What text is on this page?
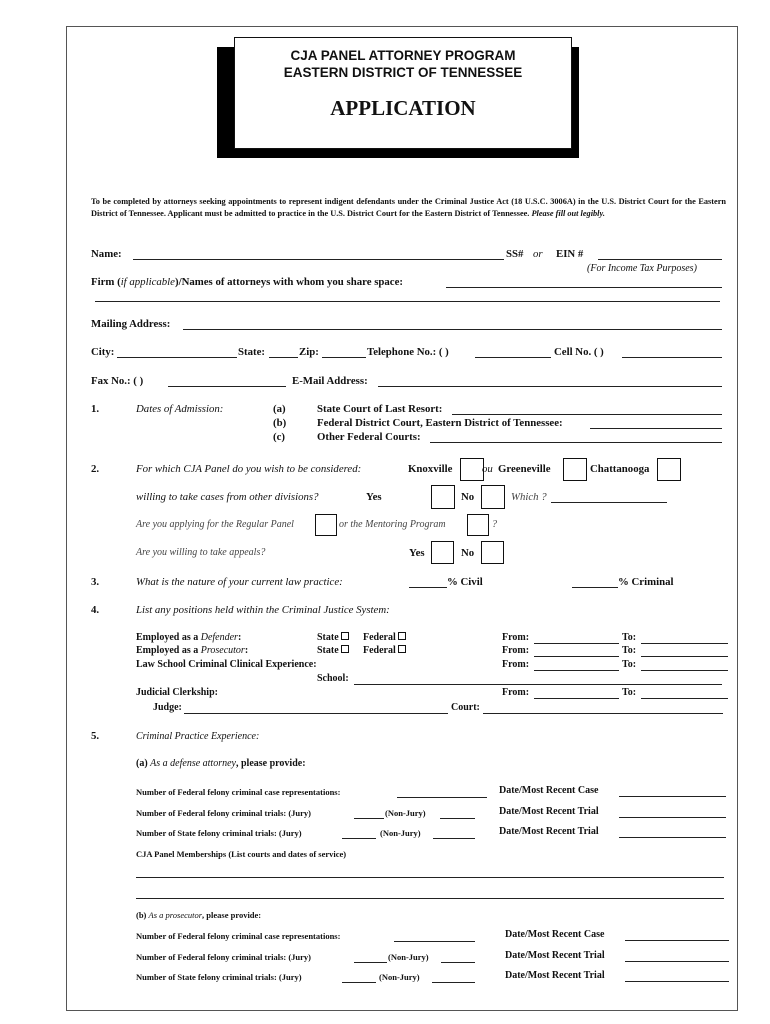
CJA PANEL ATTORNEY PROGRAM
EASTERN DISTRICT OF TENNESSEE
APPLICATION
To be completed by attorneys seeking appointments to represent indigent defendants under the Criminal Justice Act (18 U.S.C. 3006A) in the U.S. District Court for the Eastern District of Tennessee. Applicant must be admitted to practice in the U.S. District Court for the Eastern District of Tennessee. Please fill out legibly.
Name:	SS# or EIN #
(For Income Tax Purposes)
Firm (if applicable)/Names of attorneys with whom you share space:
Mailing Address:
City:	State:	Zip:	Telephone No.: ( )	Cell No. ( )
Fax No.: ( )	E-Mail Address:
1.	Dates of Admission:	(a)	State Court of Last Resort:
(b)	Federal District Court, Eastern District of Tennessee:
(c)	Other Federal Courts:
2.	For which CJA Panel do you wish to be considered:	Knoxville	ou Greeneville	Chattanooga
willing to take cases from other divisions?	Yes	No	Which ?
Are you applying for the Regular Panel	or the Mentoring Program	?
Are you willing to take appeals?	Yes	No
3.	What is the nature of your current law practice:	% Civil	% Criminal
4.	List any positions held within the Criminal Justice System:
Employed as a Defender:	State	Federal	From:	To:
Employed as a Prosecutor:	State	Federal	From:	To:
Law School Criminal Clinical Experience:	From:	To:
School:
Judicial Clerkship:	From:	To:
Judge:	Court:
5.	Criminal Practice Experience:
(a) As a defense attorney, please provide:
Number of Federal felony criminal case representations:	Date/Most Recent Case
Number of Federal felony criminal trials: (Jury)	(Non-Jury)	Date/Most Recent Trial
Number of State felony criminal trials: (Jury)	(Non-Jury)	Date/Most Recent Trial
CJA Panel Memberships (List courts and dates of service)
(b) As a prosecutor, please provide:
Number of Federal felony criminal case representations:	Date/Most Recent Case
Number of Federal felony criminal trials: (Jury)	(Non-Jury)	Date/Most Recent Trial
Number of State felony criminal trials: (Jury)	(Non-Jury)	Date/Most Recent Trial
